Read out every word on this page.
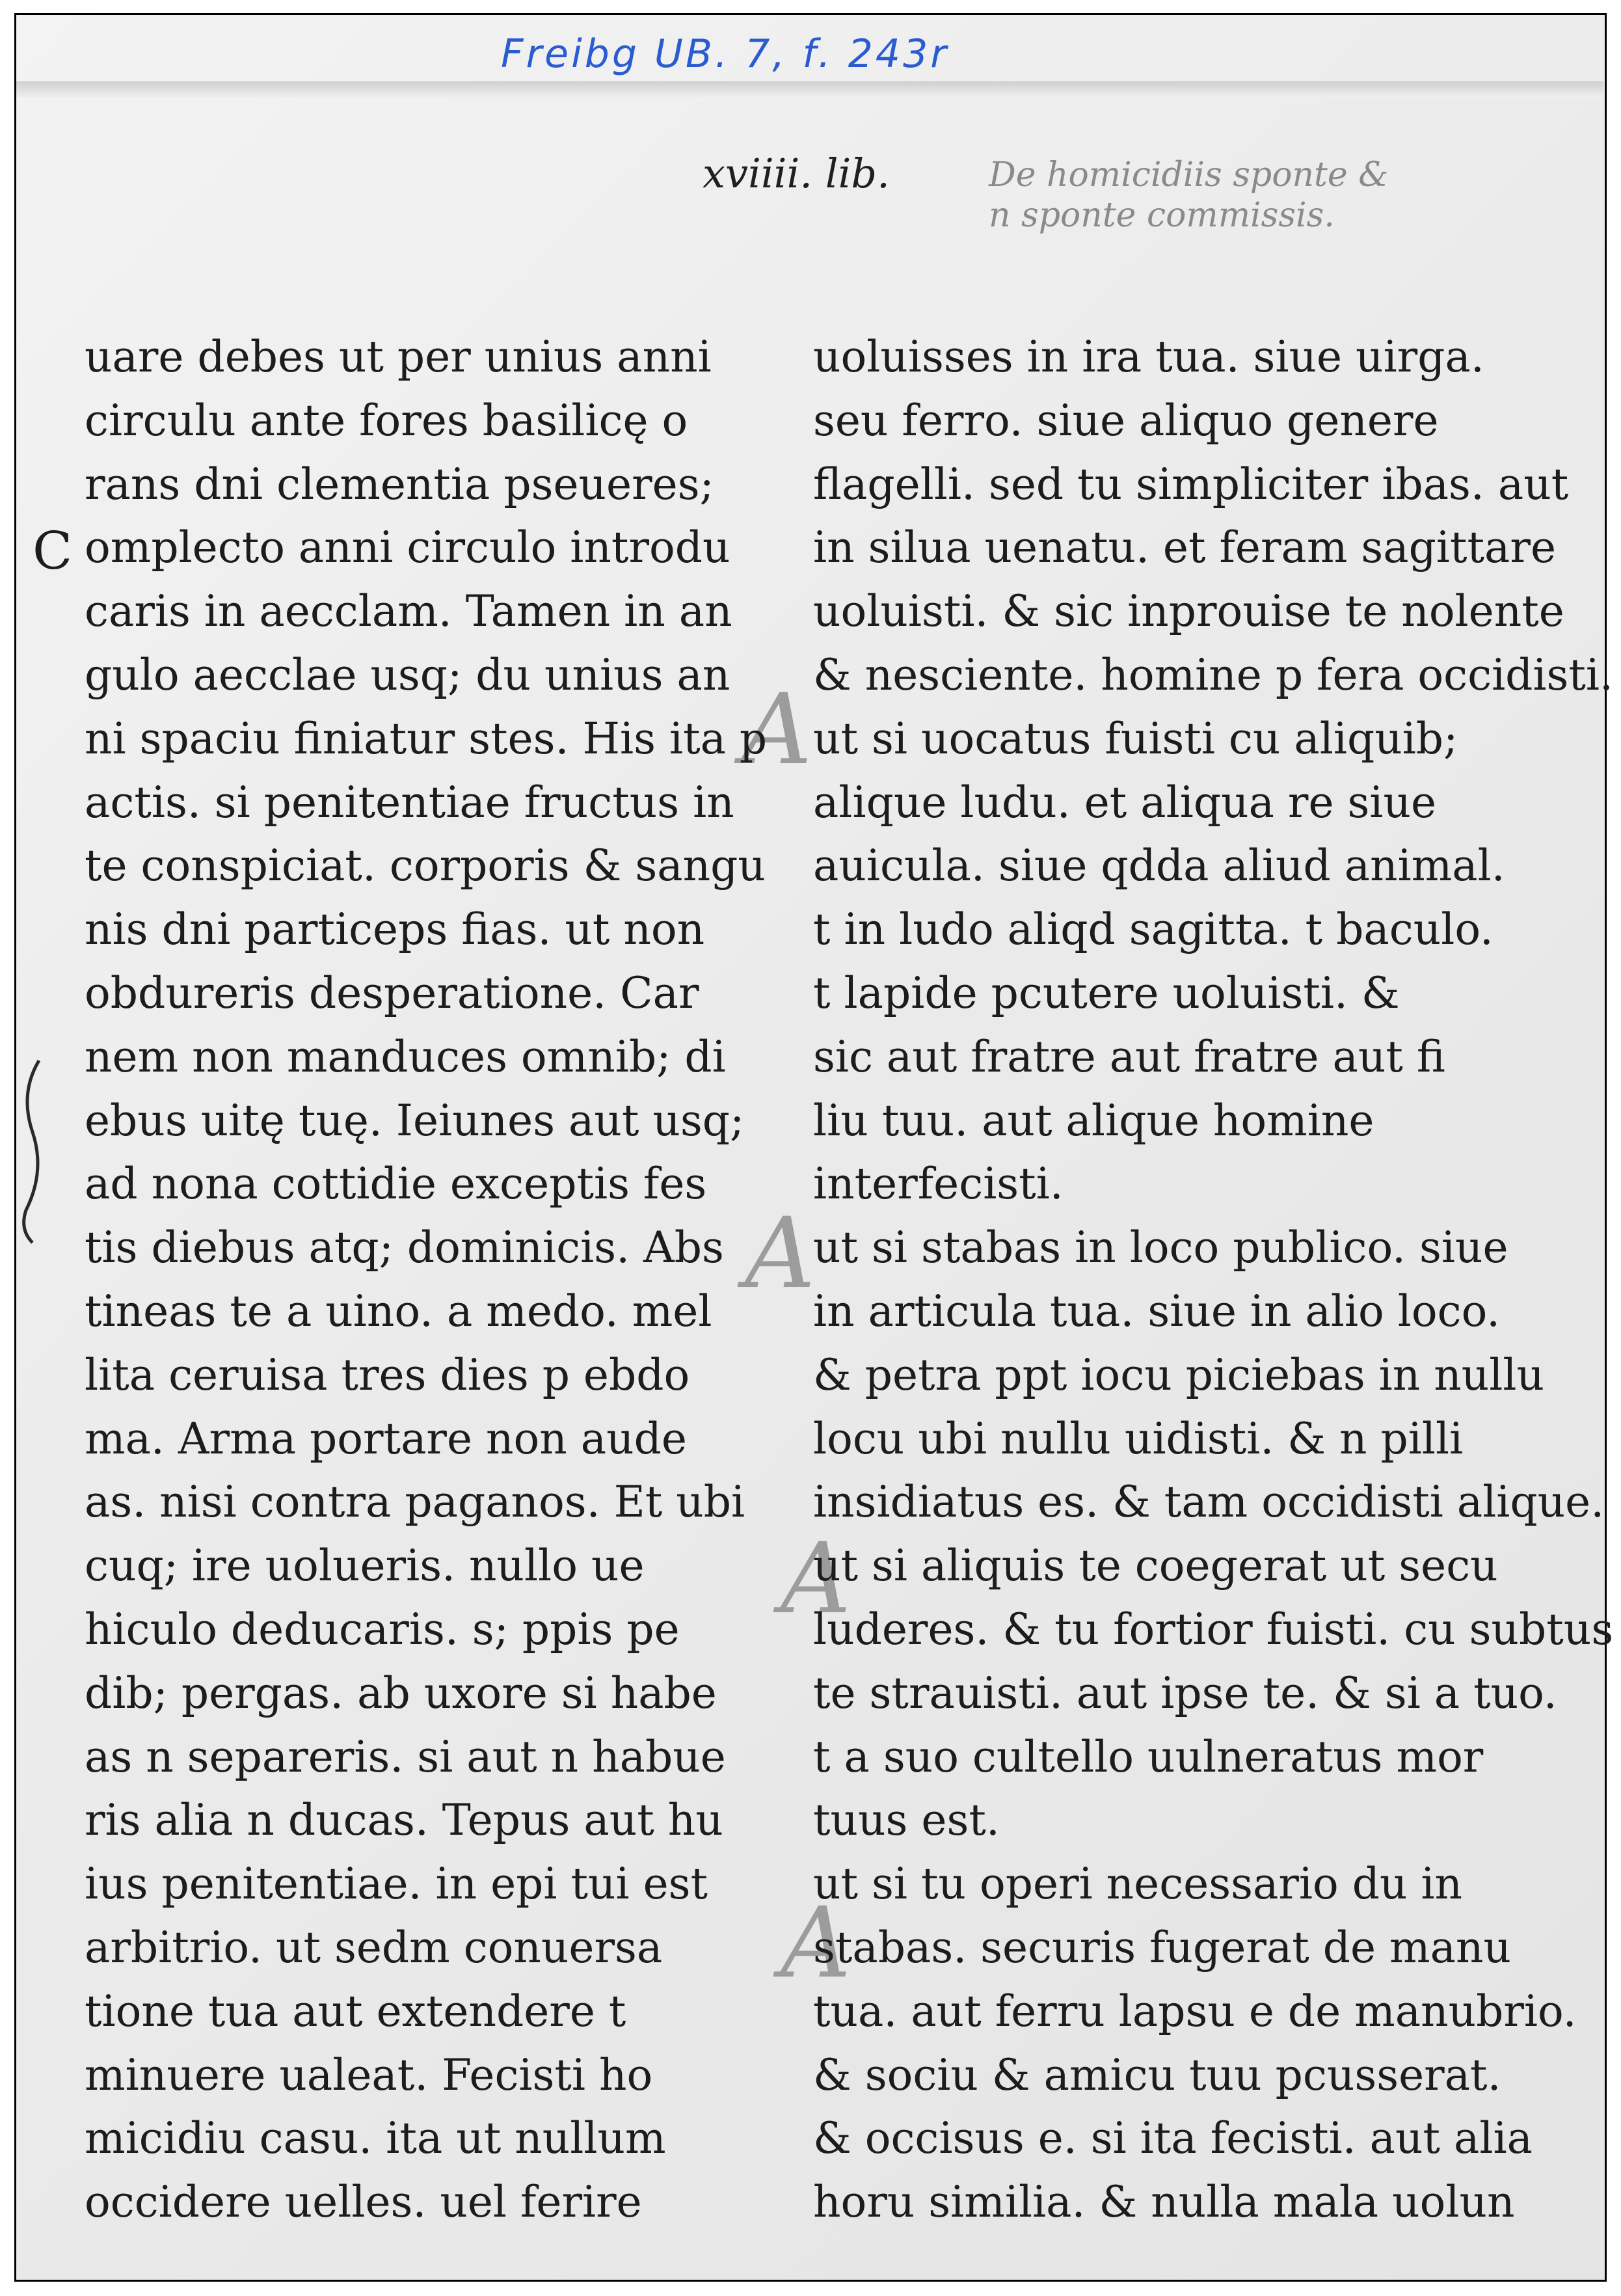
Freibg UB. 7, f. 243r
xviiii. lib.	De homicidiis sponte &
n sponte commissis.
C
A
A
A
A
uare debes ut per unius anni
circulu ante fores basilicę o
rans dni clementia pseueres;
omplecto anni circulo introdu
caris in aecclam. Tamen in an
gulo aecclae usq; du unius an
ni spaciu finiatur stes. His ita p
actis. si penitentiae fructus in
te conspiciat. corporis & sangu
nis dni particeps fias. ut non
obdureris desperatione. Car
nem non manduces omnib; di
ebus uitę tuę. Ieiunes aut usq;
ad nona cottidie exceptis fes
tis diebus atq; dominicis. Abs
tineas te a uino. a medo. mel
lita ceruisa tres dies p ebdo
ma. Arma portare non aude
as. nisi contra paganos. Et ubi
cuq; ire uolueris. nullo ue
hiculo deducaris. s; ppis pe
dib; pergas. ab uxore si habe
as n separeris. si aut n habue
ris alia n ducas. Tepus aut hu
ius penitentiae. in epi tui est
arbitrio. ut sedm conuersa
tione tua aut extendere t
minuere ualeat. Fecisti ho
micidiu casu. ita ut nullum
occidere uelles. uel ferire
uoluisses in ira tua. siue uirga.
seu ferro. siue aliquo genere
flagelli. sed tu simpliciter ibas. aut
in silua uenatu. et feram sagittare
uoluisti. & sic inprouise te nolente
& nesciente. homine p fera occidisti.
ut si uocatus fuisti cu aliquib;
alique ludu. et aliqua re siue
auicula. siue qdda aliud animal.
t in ludo aliqd sagitta. t baculo.
t lapide pcutere uoluisti. &
sic aut fratre aut fratre aut fi
liu tuu. aut alique homine
interfecisti.
ut si stabas in loco publico. siue
in articula tua. siue in alio loco.
& petra ppt iocu piciebas in nullu
locu ubi nullu uidisti. & n pilli
insidiatus es. & tam occidisti alique.
ut si aliquis te coegerat ut secu
luderes. & tu fortior fuisti. cu subtus
te strauisti. aut ipse te. & si a tuo.
t a suo cultello uulneratus mor
tuus est.
ut si tu operi necessario du in
stabas. securis fugerat de manu
tua. aut ferru lapsu e de manubrio.
& sociu & amicu tuu pcusserat.
& occisus e. si ita fecisti. aut alia
horu similia. & nulla mala uolun
